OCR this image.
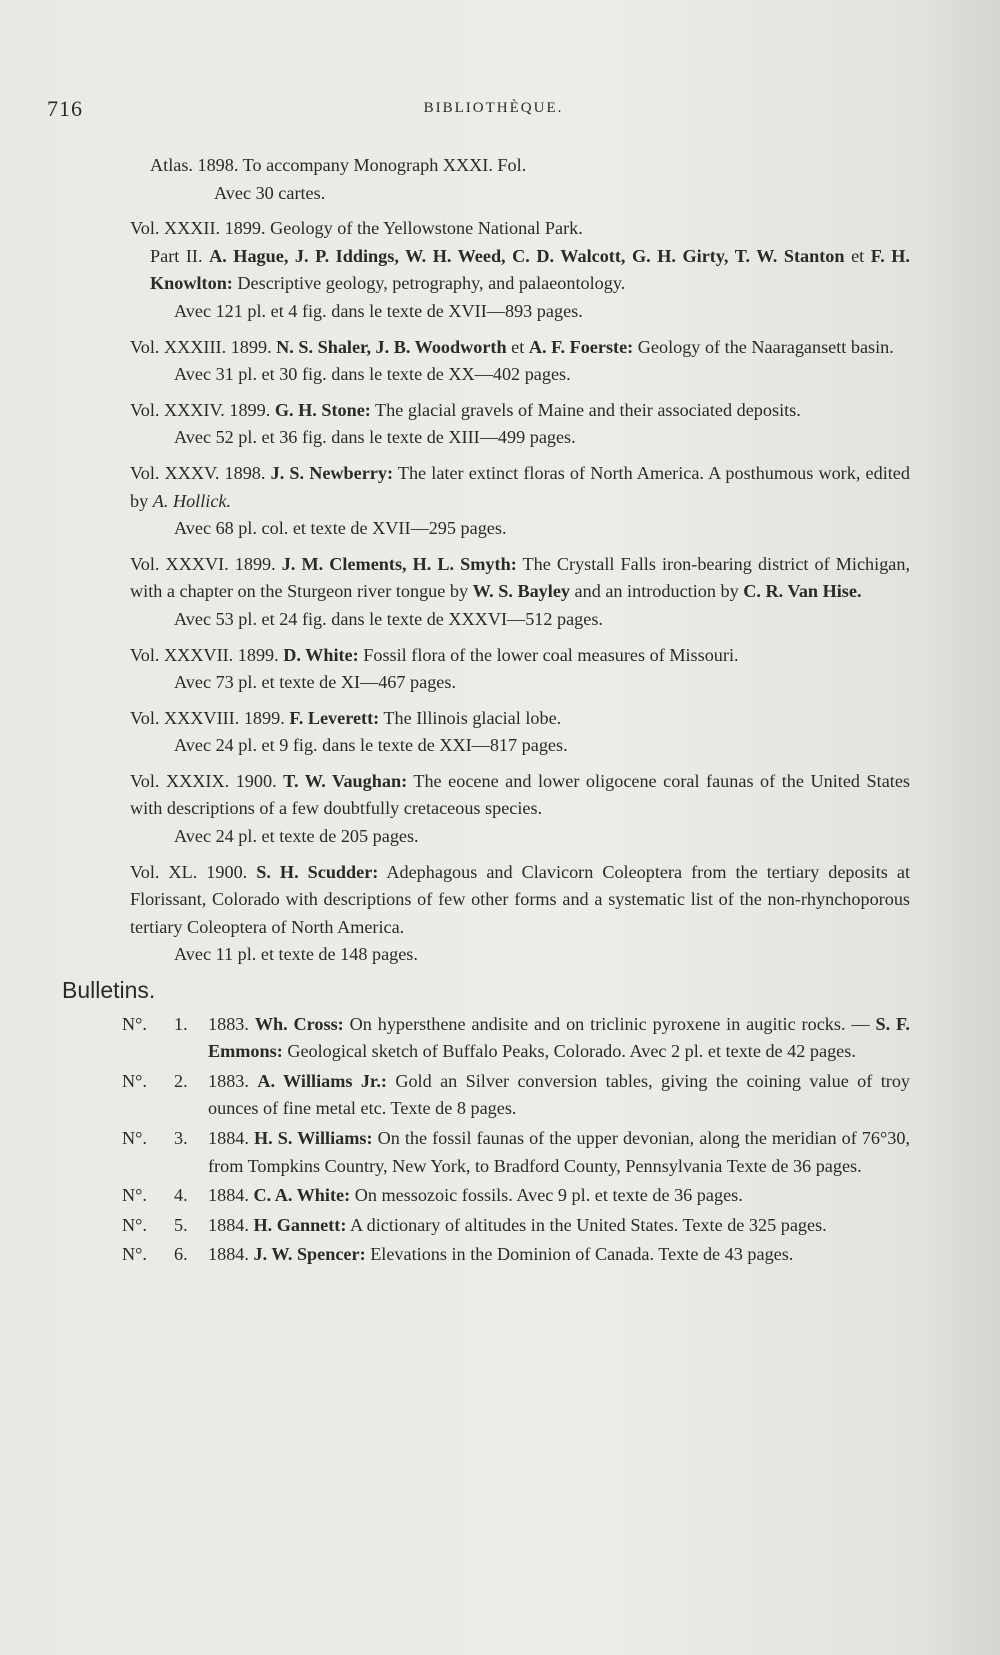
716	BIBLIOTHÈQUE.
Atlas. 1898. To accompany Monograph XXXI. Fol.
Avec 30 cartes.
Vol. XXXII. 1899. Geology of the Yellowstone National Park.
Part II. A. Hague, J. P. Iddings, W. H. Weed, C. D. Walcott, G. H. Girty, T. W. Stanton et F. H. Knowlton: Descriptive geology, petrography, and palaeontology.
Avec 121 pl. et 4 fig. dans le texte de XVII—893 pages.
Vol. XXXIII. 1899. N. S. Shaler, J. B. Woodworth et A. F. Foerste: Geology of the Naaragansett basin.
Avec 31 pl. et 30 fig. dans le texte de XX—402 pages.
Vol. XXXIV. 1899. G. H. Stone: The glacial gravels of Maine and their associated deposits.
Avec 52 pl. et 36 fig. dans le texte de XIII—499 pages.
Vol. XXXV. 1898. J. S. Newberry: The later extinct floras of North America. A posthumous work, edited by A. Hollick.
Avec 68 pl. col. et texte de XVII—295 pages.
Vol. XXXVI. 1899. J. M. Clements, H. L. Smyth: The Crystall Falls iron-bearing district of Michigan, with a chapter on the Sturgeon river tongue by W. S. Bayley and an introduction by C. R. Van Hise.
Avec 53 pl. et 24 fig. dans le texte de XXXVI—512 pages.
Vol. XXXVII. 1899. D. White: Fossil flora of the lower coal measures of Missouri.
Avec 73 pl. et texte de XI—467 pages.
Vol. XXXVIII. 1899. F. Leverett: The Illinois glacial lobe.
Avec 24 pl. et 9 fig. dans le texte de XXI—817 pages.
Vol. XXXIX. 1900. T. W. Vaughan: The eocene and lower oligocene coral faunas of the United States with descriptions of a few doubtfully cretaceous species.
Avec 24 pl. et texte de 205 pages.
Vol. XL. 1900. S. H. Scudder: Adephagous and Clavicorn Coleoptera from the tertiary deposits at Florissant, Colorado with descriptions of few other forms and a systematic list of the non-rhynchoporous tertiary Coleoptera of North America.
Avec 11 pl. et texte de 148 pages.
Bulletins.
N°. 1. 1883. Wh. Cross: On hypersthene andisite and on triclinic pyroxene in augitic rocks. — S. F. Emmons: Geological sketch of Buffalo Peaks, Colorado. Avec 2 pl. et texte de 42 pages.
N°. 2. 1883. A. Williams Jr.: Gold an Silver conversion tables, giving the coining value of troy ounces of fine metal etc. Texte de 8 pages.
N°. 3. 1884. H. S. Williams: On the fossil faunas of the upper devonian, along the meridian of 76°30, from Tompkins Country, New York, to Bradford County, Pennsylvania Texte de 36 pages.
N°. 4. 1884. C. A. White: On messozoic fossils. Avec 9 pl. et texte de 36 pages.
N°. 5. 1884. H. Gannett: A dictionary of altitudes in the United States. Texte de 325 pages.
N°. 6. 1884. J. W. Spencer: Elevations in the Dominion of Canada. Texte de 43 pages.
